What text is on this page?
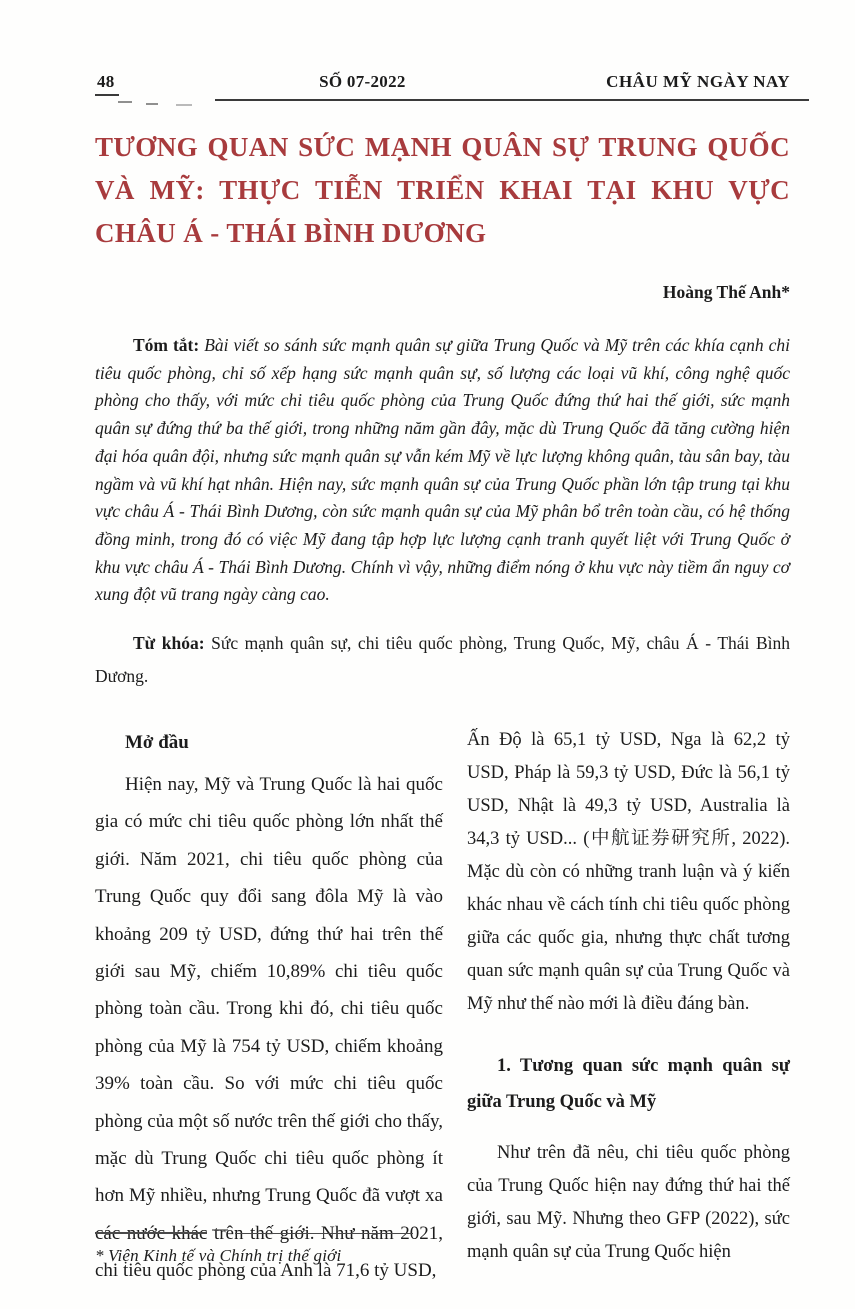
48	SỐ 07-2022	CHÂU MỸ NGÀY NAY
TƯƠNG QUAN SỨC MẠNH QUÂN SỰ TRUNG QUỐC
VÀ MỸ: THỰC TIỄN TRIỂN KHAI TẠI KHU VỰC
CHÂU Á - THÁI BÌNH DƯƠNG
Hoàng Thế Anh*

Tóm tắt: Bài viết so sánh sức mạnh quân sự giữa Trung Quốc và Mỹ trên các khía cạnh chi tiêu quốc phòng, chỉ số xếp hạng sức mạnh quân sự, số lượng các loại vũ khí, công nghệ quốc phòng cho thấy, với mức chi tiêu quốc phòng của Trung Quốc đứng thứ hai thế giới, sức mạnh quân sự đứng thứ ba thế giới, trong những năm gần đây, mặc dù Trung Quốc đã tăng cường hiện đại hóa quân đội, nhưng sức mạnh quân sự vẫn kém Mỹ về lực lượng không quân, tàu sân bay, tàu ngầm và vũ khí hạt nhân. Hiện nay, sức mạnh quân sự của Trung Quốc phần lớn tập trung tại khu vực châu Á - Thái Bình Dương, còn sức mạnh quân sự của Mỹ phân bổ trên toàn cầu, có hệ thống đồng minh, trong đó có việc Mỹ đang tập hợp lực lượng cạnh tranh quyết liệt với Trung Quốc ở khu vực châu Á - Thái Bình Dương. Chính vì vậy, những điểm nóng ở khu vực này tiềm ẩn nguy cơ xung đột vũ trang ngày càng cao.

Từ khóa: Sức mạnh quân sự, chi tiêu quốc phòng, Trung Quốc, Mỹ, châu Á - Thái Bình Dương.

Mở đầu

Hiện nay, Mỹ và Trung Quốc là hai quốc gia có mức chi tiêu quốc phòng lớn nhất thế giới. Năm 2021, chi tiêu quốc phòng của Trung Quốc quy đổi sang đôla Mỹ là vào khoảng 209 tỷ USD, đứng thứ hai trên thế giới sau Mỹ, chiếm 10,89% chi tiêu quốc phòng toàn cầu. Trong khi đó, chi tiêu quốc phòng của Mỹ là 754 tỷ USD, chiếm khoảng 39% toàn cầu. So với mức chi tiêu quốc phòng của một số nước trên thế giới cho thấy, mặc dù Trung Quốc chi tiêu quốc phòng ít hơn Mỹ nhiều, nhưng Trung Quốc đã vượt xa các nước khác trên thế giới. Như năm 2021, chi tiêu quốc phòng của Anh là 71,6 tỷ USD,

Ấn Độ là 65,1 tỷ USD, Nga là 62,2 tỷ USD, Pháp là 59,3 tỷ USD, Đức là 56,1 tỷ USD, Nhật là 49,3 tỷ USD, Australia là 34,3 tỷ USD... (中航证券研究所, 2022). Mặc dù còn có những tranh luận và ý kiến khác nhau về cách tính chi tiêu quốc phòng giữa các quốc gia, nhưng thực chất tương quan sức mạnh quân sự của Trung Quốc và Mỹ như thế nào mới là điều đáng bàn.

1. Tương quan sức mạnh quân sự giữa Trung Quốc và Mỹ

Như trên đã nêu, chi tiêu quốc phòng của Trung Quốc hiện nay đứng thứ hai thế giới, sau Mỹ. Nhưng theo GFP (2022), sức mạnh quân sự của Trung Quốc hiện

* Viện Kinh tế và Chính trị thế giới
